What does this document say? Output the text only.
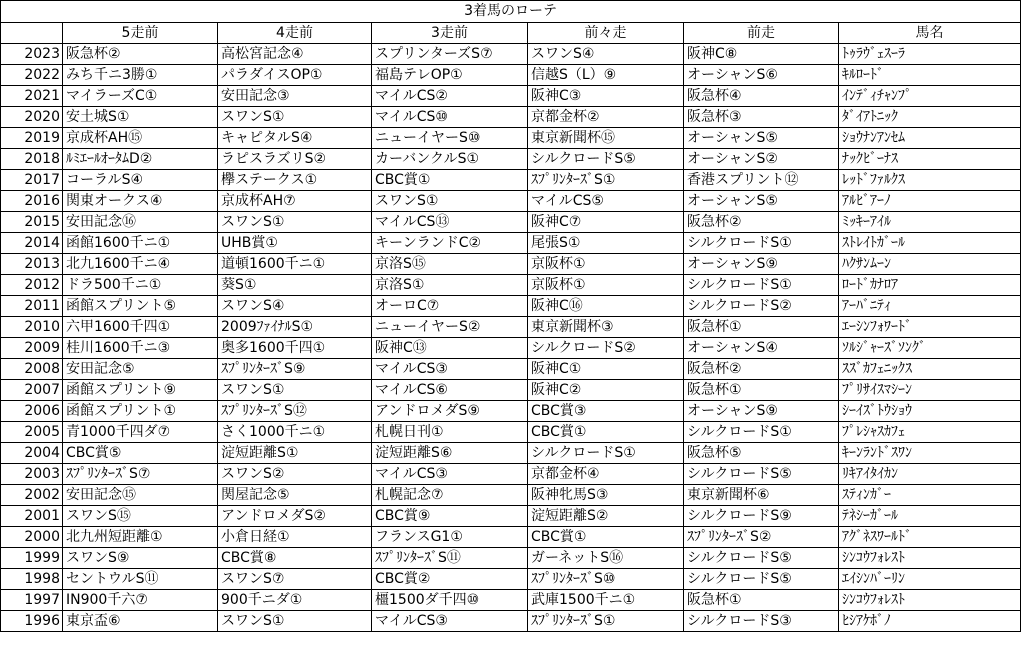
3着馬のローテ						
	5走前	4走前	3走前	前々走	前走	馬名
2023	阪急杯②	高松宮記念④	スプリンターズS⑦	スワンS④	阪神C⑧	ﾄｩﾗｳﾞｪｽｰﾗ
2022	みち千ニ3勝①	パラダイスOP①	福島テレOP①	信越S（L）⑨	オーシャンS⑥	ｷﾙﾛｰﾄﾞ
2021	マイラーズC①	安田記念③	マイルCS②	阪神C③	阪急杯④	ｲﾝﾃﾞｨﾁｬﾝﾌﾟ
2020	安土城S①	スワンS①	マイルCS⑩	京都金杯②	阪急杯③	ﾀﾞｲｱﾄﾆｯｸ
2019	京成杯AH⑮	キャピタルS④	ニューイヤーS⑩	東京新聞杯⑮	オーシャンS⑤	ｼｮｳﾅﾝｱﾝｾﾑ
2018	ﾙﾐｴｰﾙｵｰﾀﾑD②	ラピスラズリS②	カーバンクルS①	シルクロードS⑤	オーシャンS②	ﾅｯｸﾋﾞｰﾅｽ
2017	コーラルS④	欅ステークス①	CBC賞①	ｽﾌﾟﾘﾝﾀｰｽﾞS①	香港スプリント⑫	ﾚｯﾄﾞﾌｧﾙｸｽ
2016	関東オークス④	京成杯AH⑦	スワンS①	マイルCS⑤	オーシャンS⑤	ｱﾙﾋﾞｱｰﾉ
2015	安田記念⑯	スワンS①	マイルCS⑬	阪神C⑦	阪急杯②	ﾐｯｷｰｱｲﾙ
2014	函館1600千ニ①	UHB賞①	キーンランドC②	尾張S①	シルクロードS①	ｽﾄﾚｲﾄｶﾞｰﾙ
2013	北九1600千ニ④	道頓1600千ニ①	京洛S⑮	京阪杯①	オーシャンS⑨	ﾊｸｻﾝﾑｰﾝ
2012	ドラ500千ニ①	葵S①	京洛S①	京阪杯①	シルクロードS①	ﾛｰﾄﾞｶﾅﾛｱ
2011	函館スプリント⑤	スワンS④	オーロC⑦	阪神C⑯	シルクロードS②	ｱｰﾊﾞﾆﾃｨ
2010	六甲1600千四①	2009ﾌｧｲﾅﾙS①	ニューイヤーS②	東京新聞杯③	阪急杯①	ｴｰｼﾝﾌｫﾜｰﾄﾞ
2009	桂川1600千ニ③	奥多1600千四①	阪神C⑬	シルクロードS②	オーシャンS④	ｿﾙｼﾞｬｰｽﾞｿﾝｸﾞ
2008	安田記念⑤	ｽﾌﾟﾘﾝﾀｰｽﾞS⑨	マイルCS③	阪神C①	阪急杯②	ｽｽﾞｶﾌｪﾆｯｸｽ
2007	函館スプリント⑨	スワンS①	マイルCS⑥	阪神C②	阪急杯①	ﾌﾟﾘｻｲｽﾏｼｰﾝ
2006	函館スプリント①	ｽﾌﾟﾘﾝﾀｰｽﾞS⑫	アンドロメダS⑨	CBC賞③	オーシャンS⑨	ｼｰｲｽﾞﾄｳｼｮｳ
2005	青1000千四ダ⑦	さく1000千ニ①	札幌日刊①	CBC賞①	シルクロードS①	ﾌﾟﾚｼｬｽｶﾌｪ
2004	CBC賞⑤	淀短距離S①	淀短距離S⑥	シルクロードS①	阪急杯⑤	ｷｰﾝﾗﾝﾄﾞｽﾜﾝ
2003	ｽﾌﾟﾘﾝﾀｰｽﾞS⑦	スワンS②	マイルCS③	京都金杯④	シルクロードS⑤	ﾘｷｱｲﾀｲｶﾝ
2002	安田記念⑮	関屋記念⑤	札幌記念⑦	阪神牝馬S③	東京新聞杯⑥	ｽﾃｨﾝｶﾞｰ
2001	スワンS⑮	アンドロメダS②	CBC賞⑨	淀短距離S②	シルクロードS⑨	ﾃﾈｼｰｶﾞｰﾙ
2000	北九州短距離①	小倉日経①	フランスG1①	CBC賞①	ｽﾌﾟﾘﾝﾀｰｽﾞS②	ｱｸﾞﾈｽﾜｰﾙﾄﾞ
1999	スワンS⑨	CBC賞⑧	ｽﾌﾟﾘﾝﾀｰｽﾞS⑪	ガーネットS⑯	シルクロードS⑤	ｼﾝｺｳﾌｫﾚｽﾄ
1998	セントウルS⑪	スワンS⑦	CBC賞②	ｽﾌﾟﾘﾝﾀｰｽﾞS⑩	シルクロードS⑤	ｴｲｼﾝﾊﾞｰﾘﾝ
1997	IN900千六⑦	900千ニダ①	橿1500ダ千四⑩	武庫1500千ニ①	阪急杯①	ｼﾝｺｳﾌｫﾚｽﾄ
1996	東京盃⑥	スワンS①	マイルCS③	ｽﾌﾟﾘﾝﾀｰｽﾞS①	シルクロードS③	ﾋｼｱｹﾎﾞﾉ
